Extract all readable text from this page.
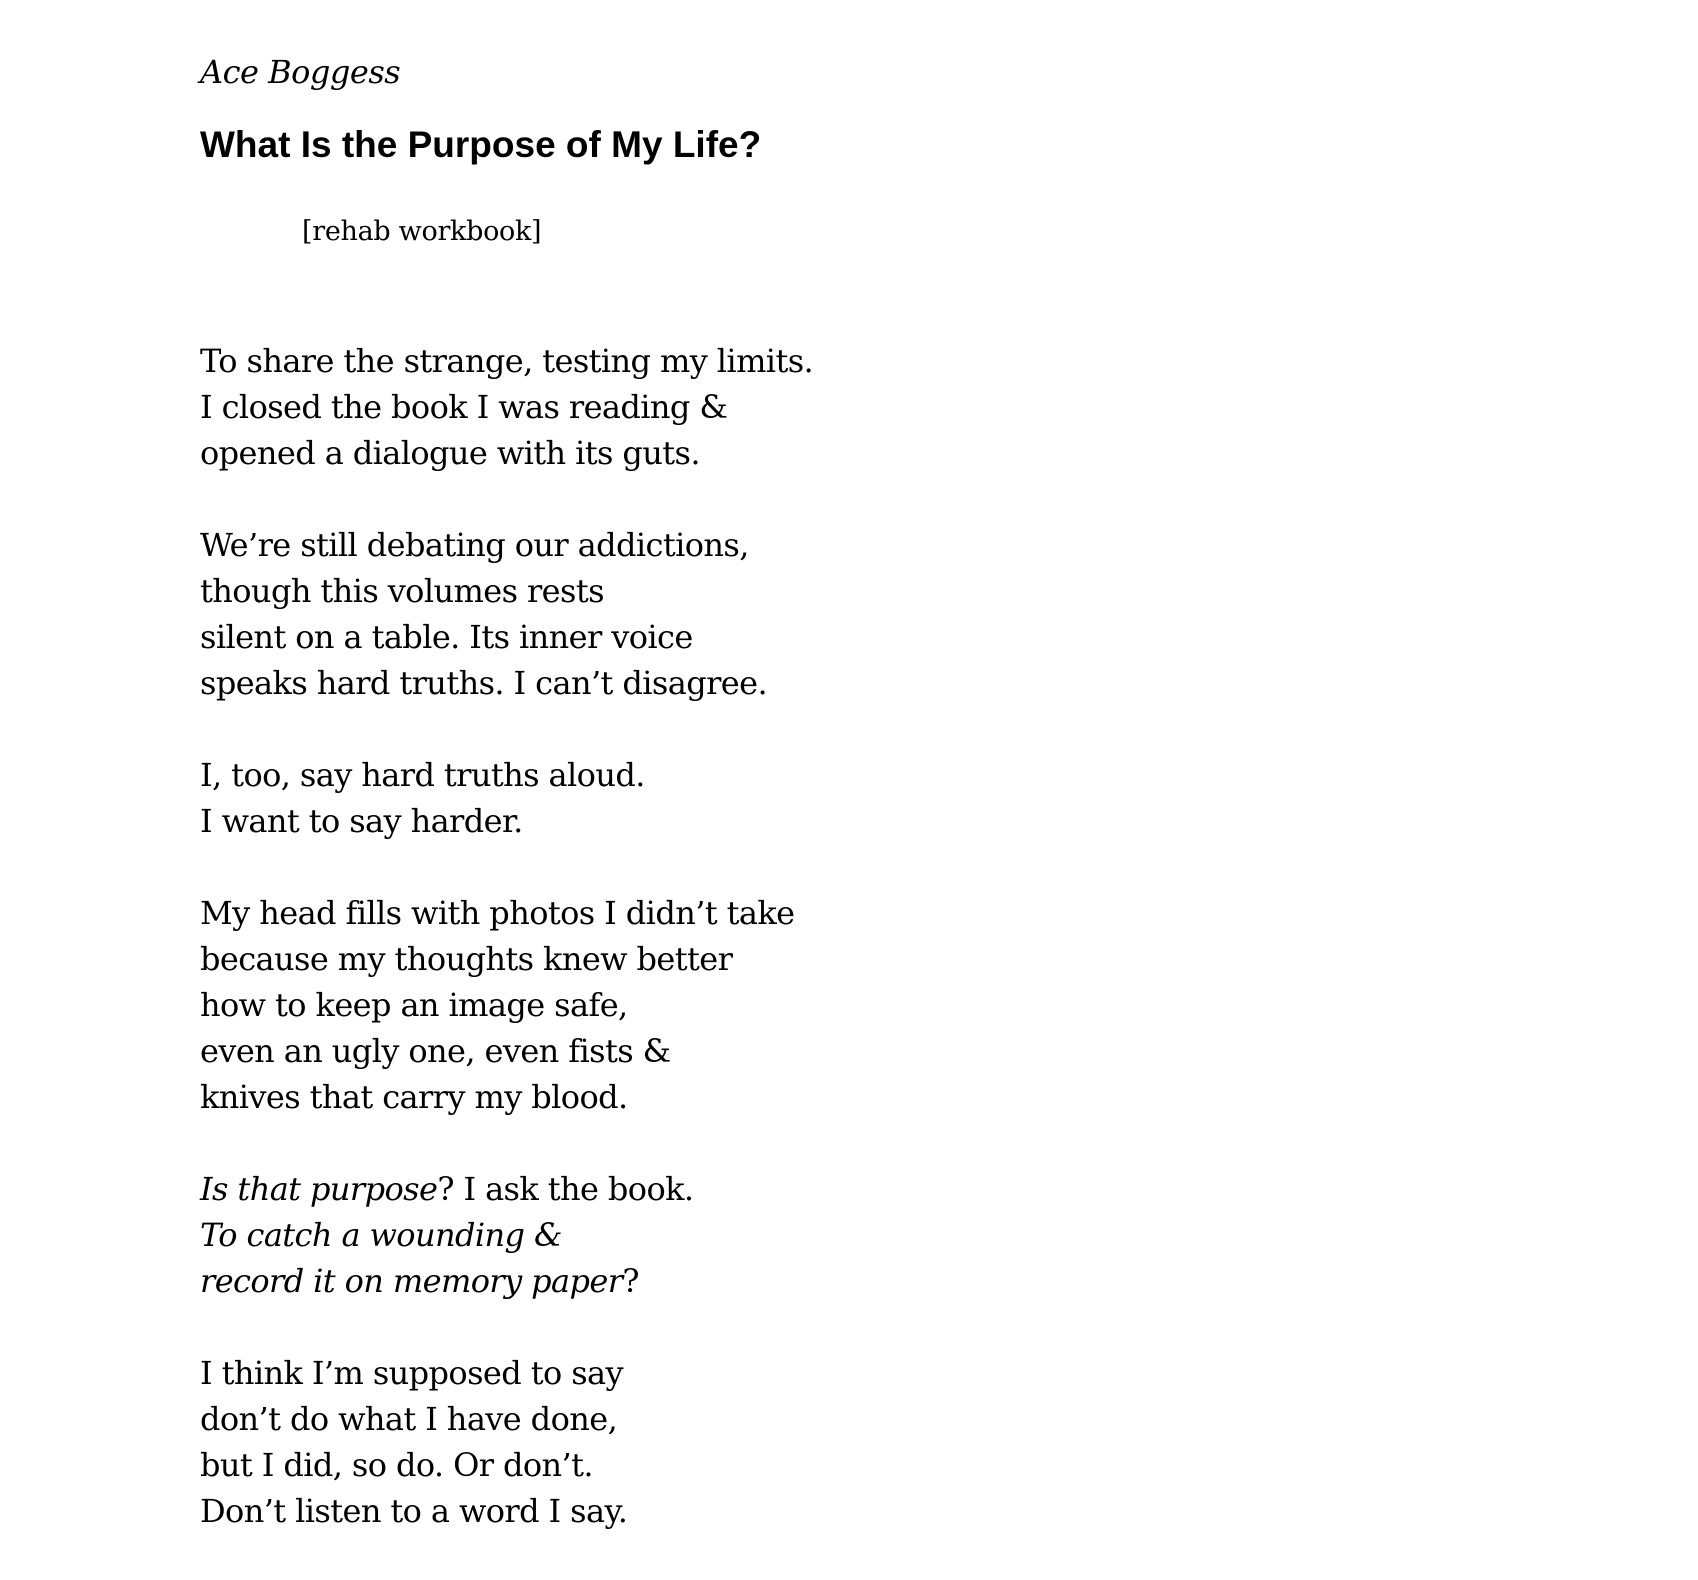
Ace Boggess
What Is the Purpose of My Life?
[rehab workbook]
To share the strange, testing my limits.
I closed the book I was reading &
opened a dialogue with its guts.
We’re still debating our addictions,
though this volumes rests
silent on a table. Its inner voice
speaks hard truths. I can’t disagree.
I, too, say hard truths aloud.
I want to say harder.
My head fills with photos I didn’t take
because my thoughts knew better
how to keep an image safe,
even an ugly one, even fists &
knives that carry my blood.
Is that purpose? I ask the book.
To catch a wounding &
record it on memory paper?
I think I’m supposed to say
don’t do what I have done,
but I did, so do. Or don’t.
Don’t listen to a word I say.
